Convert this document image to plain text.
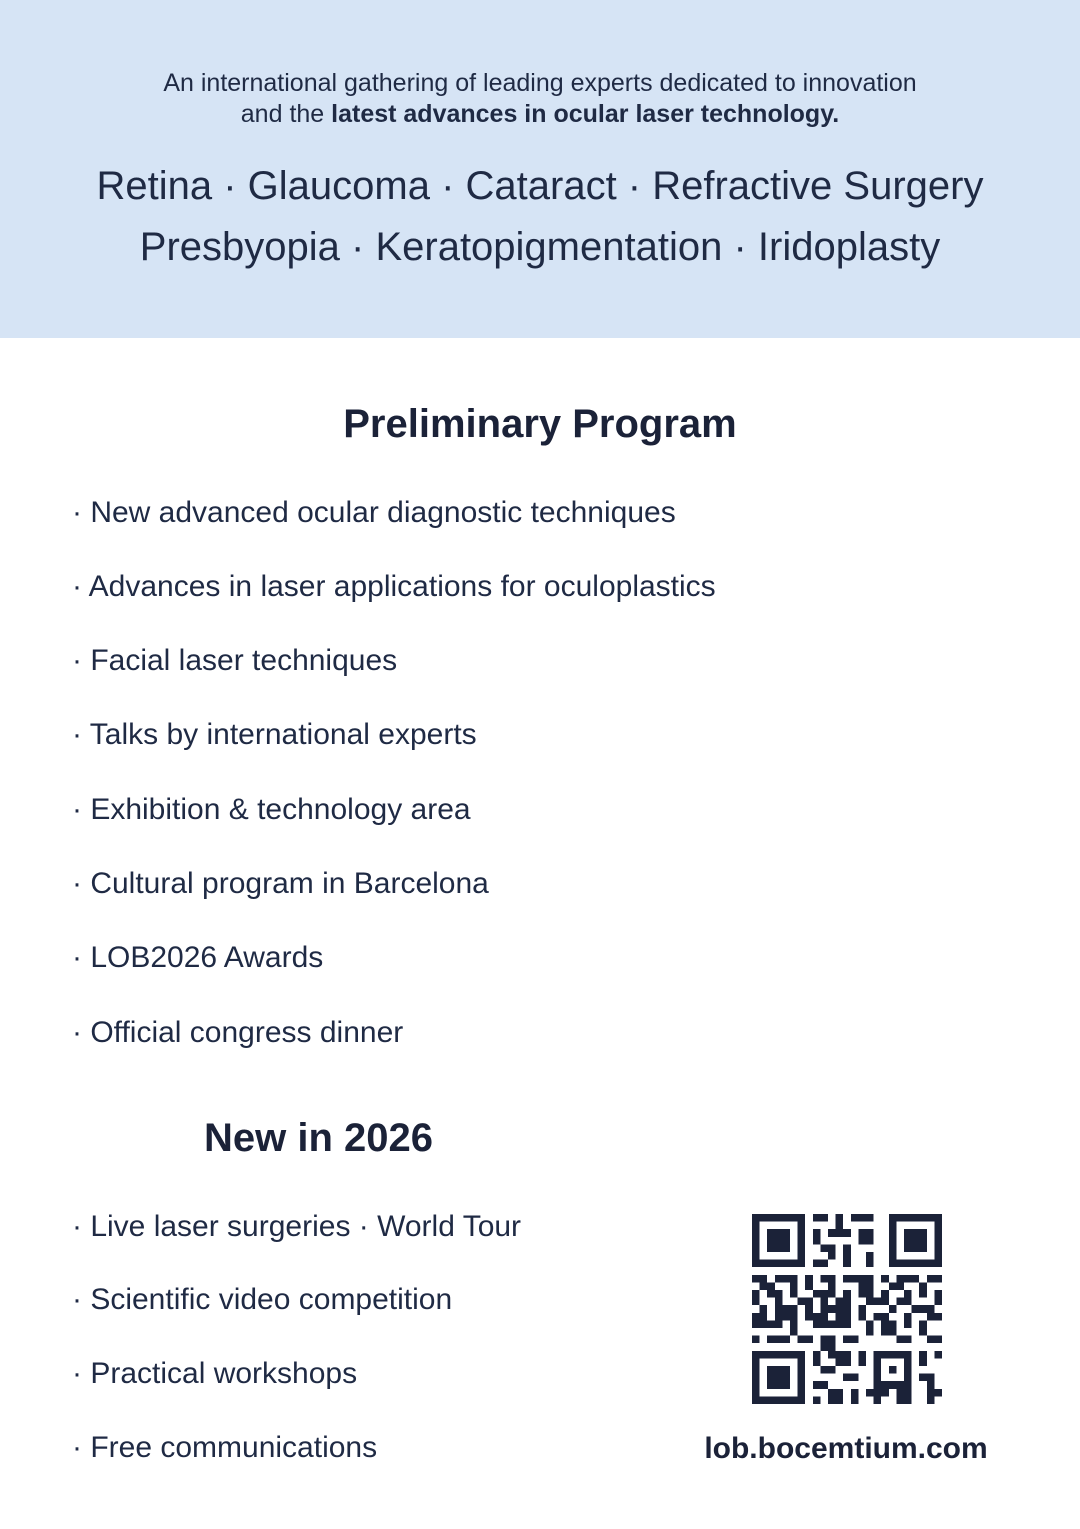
An international gathering of leading experts dedicated to innovation
and the latest advances in ocular laser technology.
Retina · Glaucoma · Cataract · Refractive Surgery
Presbyopia · Keratopigmentation · Iridoplasty
Preliminary Program
· New advanced ocular diagnostic techniques
· Advances in laser applications for oculoplastics
· Facial laser techniques
· Talks by international experts
· Exhibition & technology area
· Cultural program in Barcelona
· LOB2026 Awards
· Official congress dinner
New in 2026
· Live laser surgeries · World Tour
· Scientific video competition
· Practical workshops
· Free communications	lob.bocemtium.com
